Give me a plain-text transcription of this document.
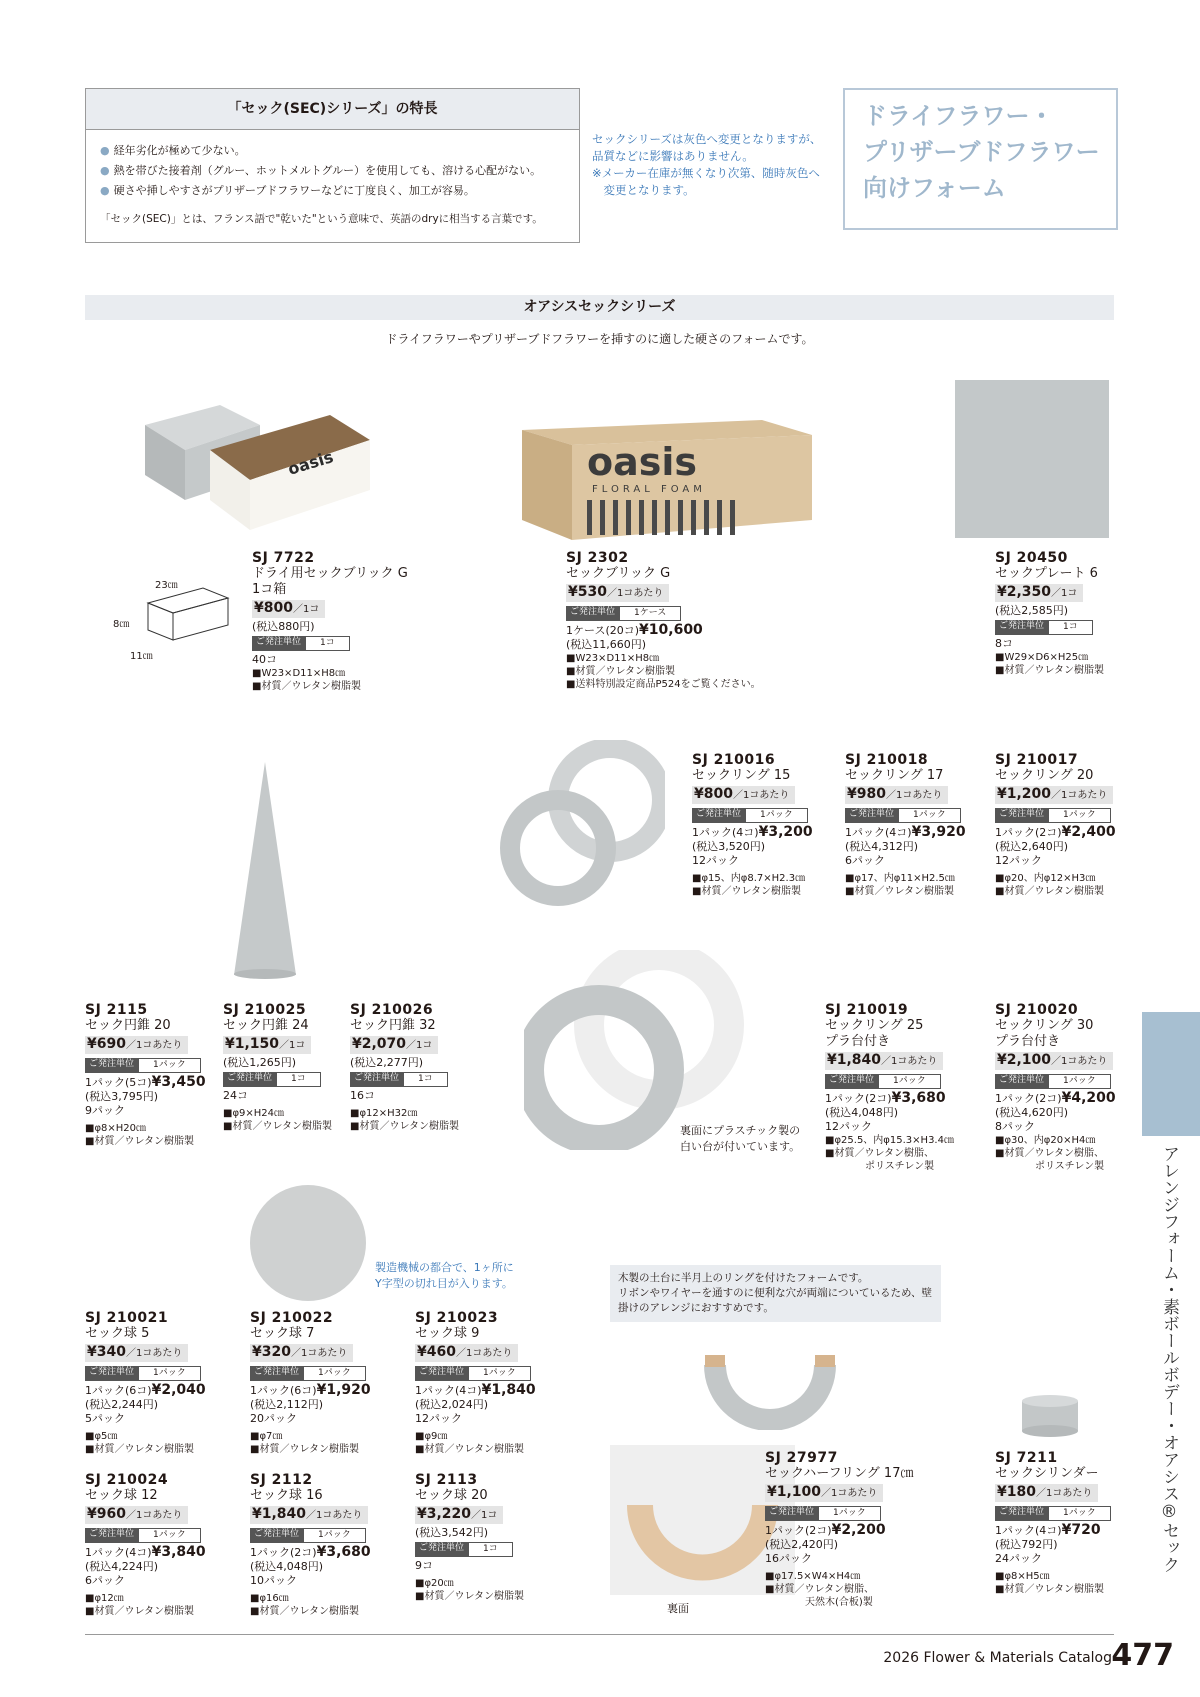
「セック(SEC)シリーズ」の特長
● 経年劣化が極めて少ない。
● 熱を帯びた接着剤（グルー、ホットメルトグルー）を使用しても、溶ける心配がない。
● 硬さや挿しやすさがプリザーブドフラワーなどに丁度良く、加工が容易。
「セック(SEC)」とは、フランス語で"乾いた"という意味で、英語のdryに相当する言葉です。
セックシリーズは灰色へ変更となりますが、
品質などに影響はありません。
※メーカー在庫が無くなり次第、随時灰色へ
　変更となります。
ドライフラワー・
プリザーブドフラワー
向けフォーム
オアシスセックシリーズ
ドライフラワーやプリザーブドフラワーを挿すのに適した硬さのフォームです。
oasis	oasis
FLORAL FOAM
23㎝
8㎝
11㎝
裏面
裏面にプラスチック製の
白い台が付いています。
製造機械の都合で、1ヶ所に
Y字型の切れ目が入ります。	木製の土台に半月上のリングを付けたフォームです。
リボンやワイヤーを通すのに便利な穴が両端についているため、壁掛けのアレンジにおすすめです。
SJ 7722
ドライ用セックブリック G
1コ箱
¥800／1コ
(税込880円)
ご発注単位	1コ
40コ
■W23×D11×H8㎝
■材質／ウレタン樹脂製
SJ 2302
セックブリック G
¥530／1コあたり
ご発注単位	1ケース
1ケース(20コ)¥10,600
(税込11,660円)
■W23×D11×H8㎝
■材質／ウレタン樹脂製
■送料特別設定商品P524をご覧ください。
SJ 20450
セックプレート 6
¥2,350／1コ
(税込2,585円)
ご発注単位	1コ
8コ
■W29×D6×H25㎝
■材質／ウレタン樹脂製
SJ 210016
セックリング 15
¥800／1コあたり
ご発注単位	1パック
1パック(4コ)¥3,200
(税込3,520円)
12パック
■φ15、内φ8.7×H2.3㎝
■材質／ウレタン樹脂製
SJ 210018
セックリング 17
¥980／1コあたり
ご発注単位	1パック
1パック(4コ)¥3,920
(税込4,312円)
6パック
■φ17、内φ11×H2.5㎝
■材質／ウレタン樹脂製
SJ 210017
セックリング 20
¥1,200／1コあたり
ご発注単位	1パック
1パック(2コ)¥2,400
(税込2,640円)
12パック
■φ20、内φ12×H3㎝
■材質／ウレタン樹脂製
SJ 2115
セック円錐 20
¥690／1コあたり
ご発注単位	1パック
1パック(5コ)¥3,450
(税込3,795円)
9パック
■φ8×H20㎝
■材質／ウレタン樹脂製
SJ 210025
セック円錐 24
¥1,150／1コ
(税込1,265円)
ご発注単位	1コ
24コ
■φ9×H24㎝
■材質／ウレタン樹脂製
SJ 210026
セック円錐 32
¥2,070／1コ
(税込2,277円)
ご発注単位	1コ
16コ
■φ12×H32㎝
■材質／ウレタン樹脂製
SJ 210019
セックリング 25
プラ台付き
¥1,840／1コあたり
ご発注単位	1パック
1パック(2コ)¥3,680
(税込4,048円)
12パック
■φ25.5、内φ15.3×H3.4㎝
■材質／ウレタン樹脂、
　　　　ポリスチレン製
SJ 210020
セックリング 30
プラ台付き
¥2,100／1コあたり
ご発注単位	1パック
1パック(2コ)¥4,200
(税込4,620円)
8パック
■φ30、内φ20×H4㎝
■材質／ウレタン樹脂、
　　　　ポリスチレン製
SJ 210021
セック球 5
¥340／1コあたり
ご発注単位	1パック
1パック(6コ)¥2,040
(税込2,244円)
5パック
■φ5㎝
■材質／ウレタン樹脂製
SJ 210022
セック球 7
¥320／1コあたり
ご発注単位	1パック
1パック(6コ)¥1,920
(税込2,112円)
20パック
■φ7㎝
■材質／ウレタン樹脂製
SJ 210023
セック球 9
¥460／1コあたり
ご発注単位	1パック
1パック(4コ)¥1,840
(税込2,024円)
12パック
■φ9㎝
■材質／ウレタン樹脂製
SJ 210024
セック球 12
¥960／1コあたり
ご発注単位	1パック
1パック(4コ)¥3,840
(税込4,224円)
6パック
■φ12㎝
■材質／ウレタン樹脂製
SJ 2112
セック球 16
¥1,840／1コあたり
ご発注単位	1パック
1パック(2コ)¥3,680
(税込4,048円)
10パック
■φ16㎝
■材質／ウレタン樹脂製
SJ 2113
セック球 20
¥3,220／1コ
(税込3,542円)
ご発注単位	1コ
9コ
■φ20㎝
■材質／ウレタン樹脂製
SJ 27977
セックハーフリング 17㎝
¥1,100／1コあたり
ご発注単位	1パック
1パック(2コ)¥2,200
(税込2,420円)
16パック
■φ17.5×W4×H4㎝
■材質／ウレタン樹脂、
　　　　天然木(合板)製
SJ 7211
セックシリンダー
¥180／1コあたり
ご発注単位	1パック
1パック(4コ)¥720
(税込792円)
24パック
■φ8×H5㎝
■材質／ウレタン樹脂製
アレンジフォーム・素ボールボデー・オアシス®セック
2026 Flower & Materials Catalog 477
